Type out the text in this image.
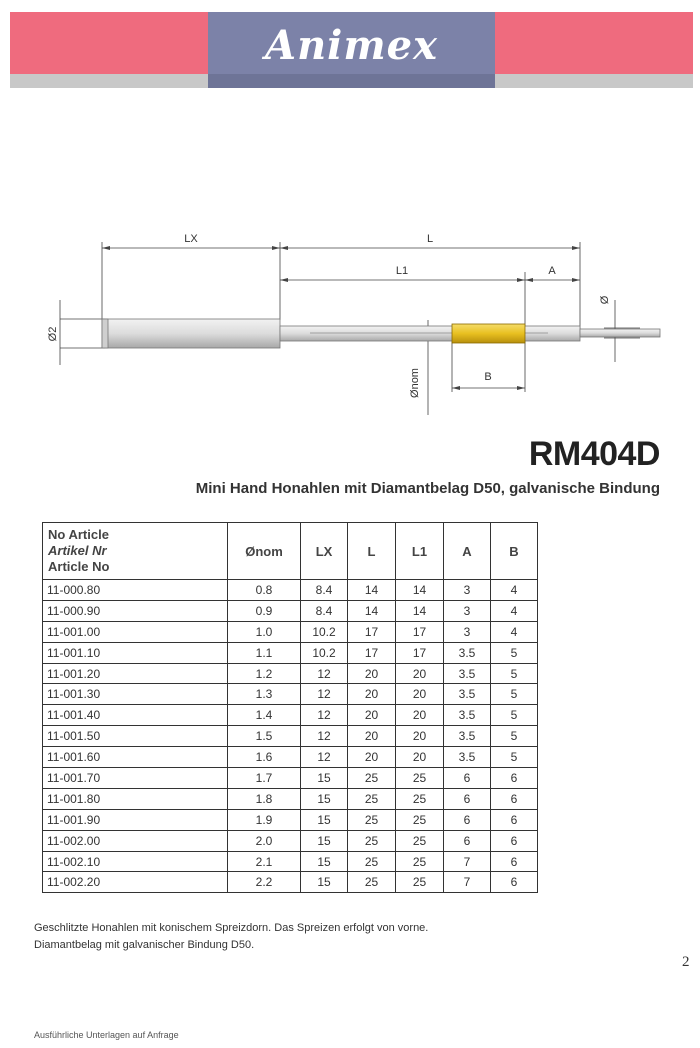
Animex
LX	L
L1	A
Ø2
Ø
Ønom	B
RM404D
Mini Hand Honahlen mit Diamantbelag D50, galvanische Bindung
No Article
Artikel Nr
Article No	Ønom	LX	L	L1	A	B
11-000.80	0.8	8.4	14	14	3	4
11-000.90	0.9	8.4	14	14	3	4
11-001.00	1.0	10.2	17	17	3	4
11-001.10	1.1	10.2	17	17	3.5	5
11-001.20	1.2	12	20	20	3.5	5
11-001.30	1.3	12	20	20	3.5	5
11-001.40	1.4	12	20	20	3.5	5
11-001.50	1.5	12	20	20	3.5	5
11-001.60	1.6	12	20	20	3.5	5
11-001.70	1.7	15	25	25	6	6
11-001.80	1.8	15	25	25	6	6
11-001.90	1.9	15	25	25	6	6
11-002.00	2.0	15	25	25	6	6
11-002.10	2.1	15	25	25	7	6
11-002.20	2.2	15	25	25	7	6
Geschlitzte Honahlen mit konischem Spreizdorn. Das Spreizen erfolgt von vorne.
Diamantbelag mit galvanischer Bindung D50.
2
Ausführliche Unterlagen auf Anfrage
